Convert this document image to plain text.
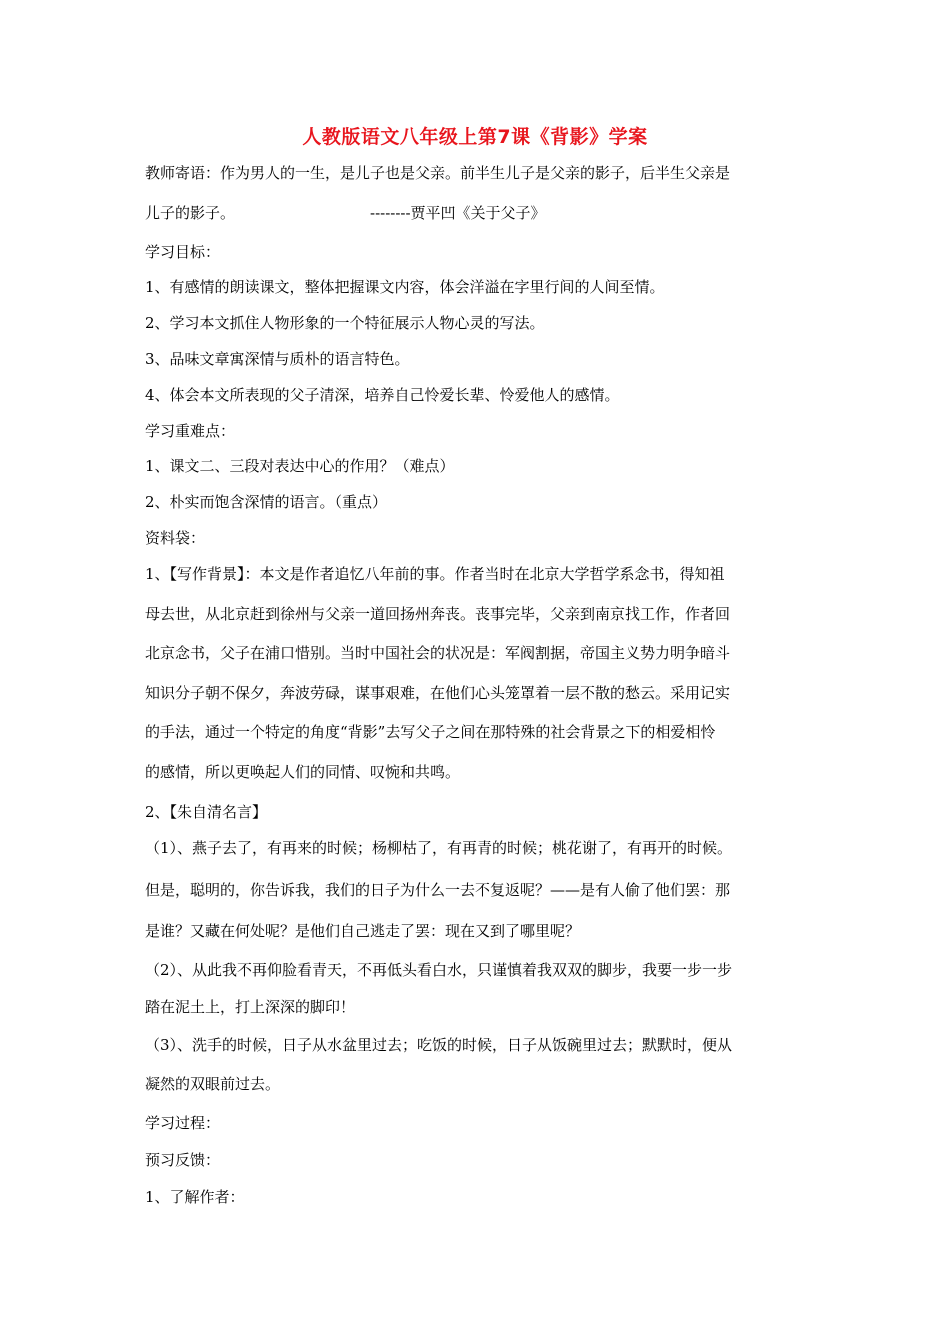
人教版语文八年级上第7课《背影》学案
教师寄语：作为男人的一生，是儿子也是父亲。前半生儿子是父亲的影子，后半生父亲是
儿子的影子。	--------贾平凹《关于父子》
学习目标：
1、有感情的朗读课文，整体把握课文内容，体会洋溢在字里行间的人间至情。
2、学习本文抓住人物形象的一个特征展示人物心灵的写法。
3、品味文章寓深情与质朴的语言特色。
4、体会本文所表现的父子清深，培养自己怜爱长辈、怜爱他人的感情。
学习重难点：
1、课文二、三段对表达中心的作用？（难点）
2、朴实而饱含深情的语言。（重点）
资料袋：
1、【写作背景】：本文是作者追忆八年前的事。作者当时在北京大学哲学系念书，得知祖
母去世，从北京赶到徐州与父亲一道回扬州奔丧。丧事完毕，父亲到南京找工作，作者回
北京念书，父子在浦口惜别。当时中国社会的状况是：军阀割据，帝国主义势力明争暗斗
知识分子朝不保夕，奔波劳碌，谋事艰难，在他们心头笼罩着一层不散的愁云。采用记实
的手法，通过一个特定的角度“背影”去写父子之间在那特殊的社会背景之下的相爱相怜
的感情，所以更唤起人们的同情、叹惋和共鸣。
2、【朱自清名言】
（1）、燕子去了，有再来的时候；杨柳枯了，有再青的时候；桃花谢了，有再开的时候。
但是，聪明的，你告诉我，我们的日子为什么一去不复返呢？——是有人偷了他们罢：那
是谁？又藏在何处呢？是他们自己逃走了罢：现在又到了哪里呢？
（2）、从此我不再仰脸看青天，不再低头看白水，只谨慎着我双双的脚步，我要一步一步
踏在泥土上，打上深深的脚印！
（3）、洗手的时候，日子从水盆里过去；吃饭的时候，日子从饭碗里过去；默默时，便从
凝然的双眼前过去。
学习过程：
预习反馈：
1、了解作者：
